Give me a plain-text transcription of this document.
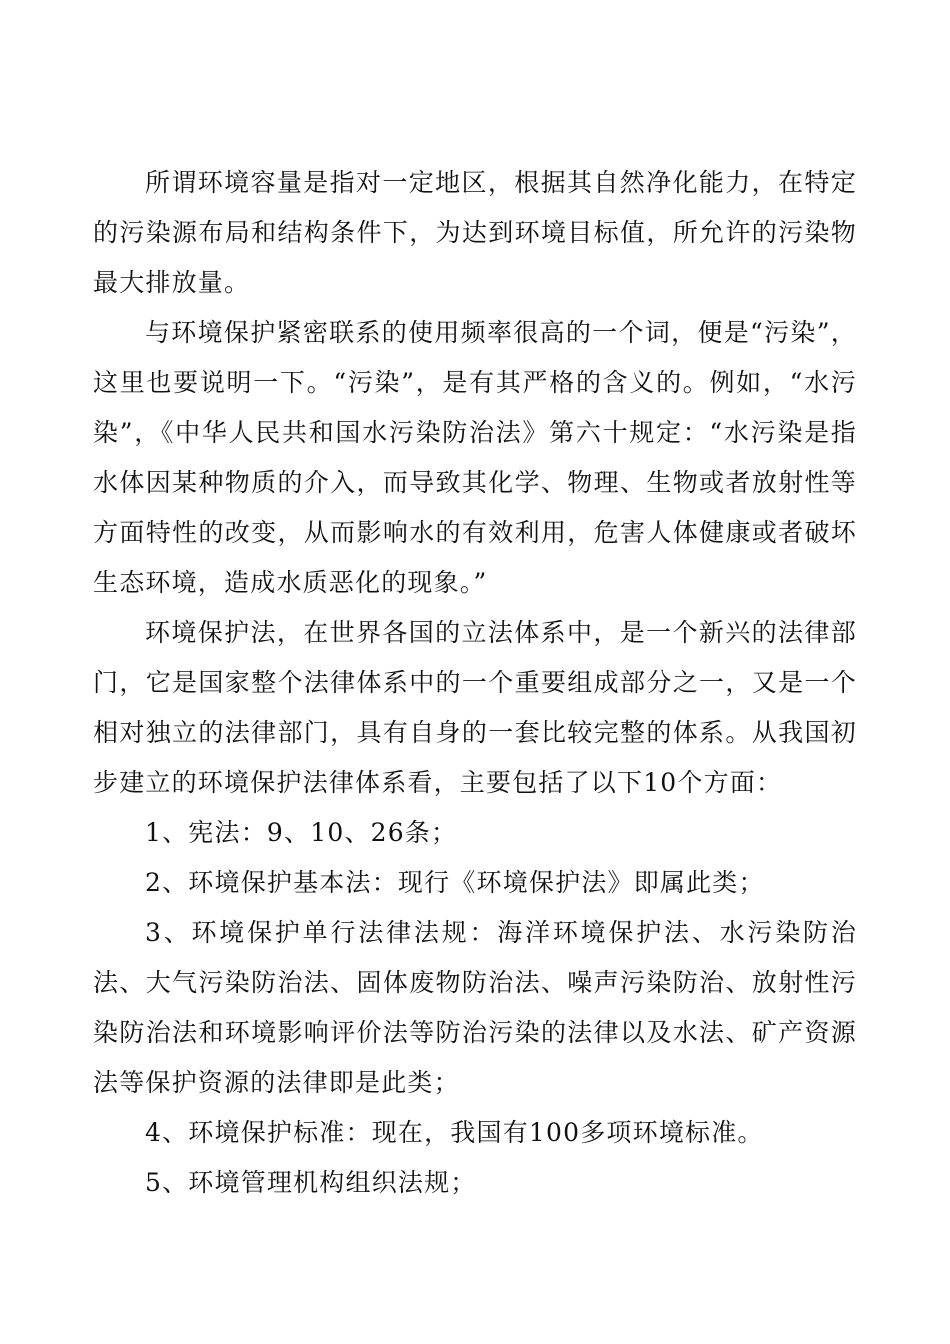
所谓环境容量是指对一定地区，根据其自然净化能力，在特定的污染源布局和结构条件下，为达到环境目标值，所允许的污染物最大排放量。

与环境保护紧密联系的使用频率很高的一个词，便是“污染”，这里也要说明一下。“污染”，是有其严格的含义的。例如，“水污染”，《中华人民共和国水污染防治法》第六十规定：“水污染是指水体因某种物质的介入，而导致其化学、物理、生物或者放射性等方面特性的改变，从而影响水的有效利用，危害人体健康或者破坏生态环境，造成水质恶化的现象。”

环境保护法，在世界各国的立法体系中，是一个新兴的法律部门，它是国家整个法律体系中的一个重要组成部分之一，又是一个相对独立的法律部门，具有自身的一套比较完整的体系。从我国初步建立的环境保护法律体系看，主要包括了以下10个方面：

1、宪法：9、10、26条；

2、环境保护基本法：现行《环境保护法》即属此类；

3、环境保护单行法律法规：海洋环境保护法、水污染防治法、大气污染防治法、固体废物防治法、噪声污染防治、放射性污染防治法和环境影响评价法等防治污染的法律以及水法、矿产资源法等保护资源的法律即是此类；

4、环境保护标准：现在，我国有100多项环境标准。

5、环境管理机构组织法规；
